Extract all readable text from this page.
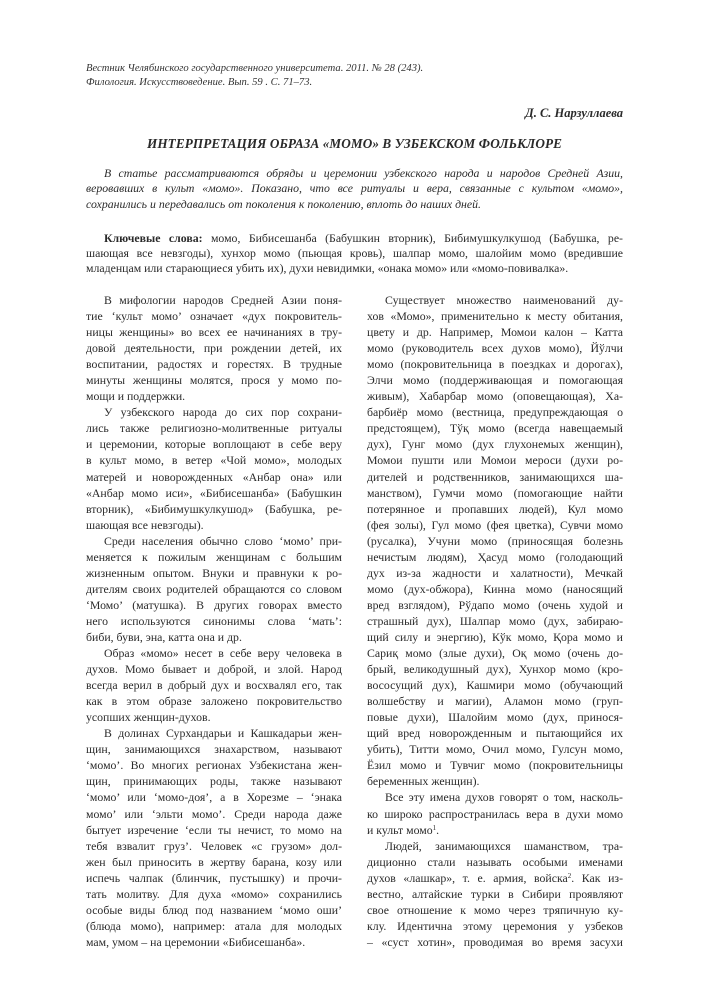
Вестник Челябинского государственного университета. 2011. № 28 (243).
Филология. Искусствоведение. Вып. 59 . С. 71–73.
Д. С. Нарзуллаева
ИНТЕРПРЕТАЦИЯ ОБРАЗА «МОМО» В УЗБЕКСКОМ ФОЛЬКЛОРЕ
В статье рассматриваются обряды и церемонии узбекского народа и народов Средней Азии,
веровавших в культ «момо». Показано, что все ритуалы и вера, связанные с культом «момо»,
сохранились и передавались от поколения к поколению, вплоть до наших дней.
Ключевые слова: момо, Бибисешанба (Бабушкин вторник), Бибимушкулкушод (Бабушка, ре-
шающая все невзгоды), хунхор момо (пьющая кровь), шалпар момо, шалойим момо (вредившие
младенцам или старающиеся убить их), духи невидимки, «онака момо» или «момо-повивалка».
В мифологии народов Средней Азии поня-
тие ‘культ момо’ означает «дух покровитель-
ницы женщины» во всех ее начинаниях в тру-
довой деятельности, при рождении детей, их
воспитании, радостях и горестях. В трудные
минуты женщины молятся, прося у момо по-
мощи и поддержки.
У узбекского народа до сих пор сохрани-
лись также религиозно-молитвенные ритуалы
и церемонии, которые воплощают в себе веру
в культ момо, в ветер «Чой момо», молодых
матерей и новорожденных «Анбар она» или
«Анбар момо иси», «Бибисешанба» (Бабушкин
вторник), «Бибимушкулкушод» (Бабушка, ре-
шающая все невзгоды).
Среди населения обычно слово ‘момо’ при-
меняется к пожилым женщинам с большим
жизненным опытом. Внуки и правнуки к ро-
дителям своих родителей обращаются со словом
‘Момо’ (матушка). В других говорах вместо
него используются синонимы слова ‘мать’:
биби, буви, эна, катта она и др.
Образ «момо» несет в себе веру человека в
духов. Момо бывает и доброй, и злой. Народ
всегда верил в добрый дух и восхвалял его, так
как в этом образе заложено покровительство
усопших женщин-духов.
В долинах Сурхандарьи и Кашкадарьи жен-
щин, занимающихся знахарством, называют
‘момо’. Во многих регионах Узбекистана жен-
щин, принимающих роды, также называют
‘момо’ или ‘момо-доя’, а в Хорезме – ‘энака
момо’ или ‘эльти момо’. Среди народа даже
бытует изречение ‘если ты нечист, то момо на
тебя взвалит груз’. Человек «с грузом» дол-
жен был приносить в жертву барана, козу или
испечь чалпак (блинчик, пустышку) и прочи-
тать молитву. Для духа «момо» сохранились
особые виды блюд под названием ‘момо оши’
(блюда момо), например: атала для молодых
мам, умом – на церемонии «Бибисешанба».
Существует множество наименований ду-
хов «Момо», применительно к месту обитания,
цвету и др. Например, Момои калон – Катта
момо (руководитель всех духов момо), Йўлчи
момо (покровительница в поездках и дорогах),
Элчи момо (поддерживающая и помогающая
живым), Хабарбар момо (оповещающая), Ха-
барбиёр момо (вестница, предупреждающая о
предстоящем), Тўқ момо (всегда навещаемый
дух), Гунг момо (дух глухонемых женщин),
Момои пушти или Момои мероси (духи ро-
дителей и родственников, занимающихся ша-
манством), Гумчи момо (помогающие найти
потерянное и пропавших людей), Кул момо
(фея золы), Гул момо (фея цветка), Сувчи момо
(русалка), Учуни момо (приносящая болезнь
нечистым людям), Ҳасуд момо (голодающий
дух из-за жадности и халатности), Мечкай
момо (дух-обжора), Кинна момо (наносящий
вред взглядом), Рўдапо момо (очень худой и
страшный дух), Шалпар момо (дух, забираю-
щий силу и энергию), Кўк момо, Қора момо и
Сариқ момо (злые духи), Оқ момо (очень до-
брый, великодушный дух), Хунхор момо (кро-
вососущий дух), Кашмири момо (обучающий
волшебству и магии), Аламон момо (груп-
повые духи), Шалойим момо (дух, принося-
щий вред новорожденным и пытающийся их
убить), Титти момо, Очил момо, Гулсун момо,
Ёзил момо и Тувчиг момо (покровительницы
беременных женщин).
Все эту имена духов говорят о том, насколь-
ко широко распространилась вера в духи момо
и культ момо$^1$.
Людей, занимающихся шаманством, тра-
диционно стали называть особыми именами
духов «лашкар», т. е. армия, войска$^2$. Как из-
вестно, алтайские турки в Сибири проявляют
свое отношение к момо через тряпичную ку-
клу. Идентична этому церемония у узбеков
– «суст хотин», проводимая во время засухи
